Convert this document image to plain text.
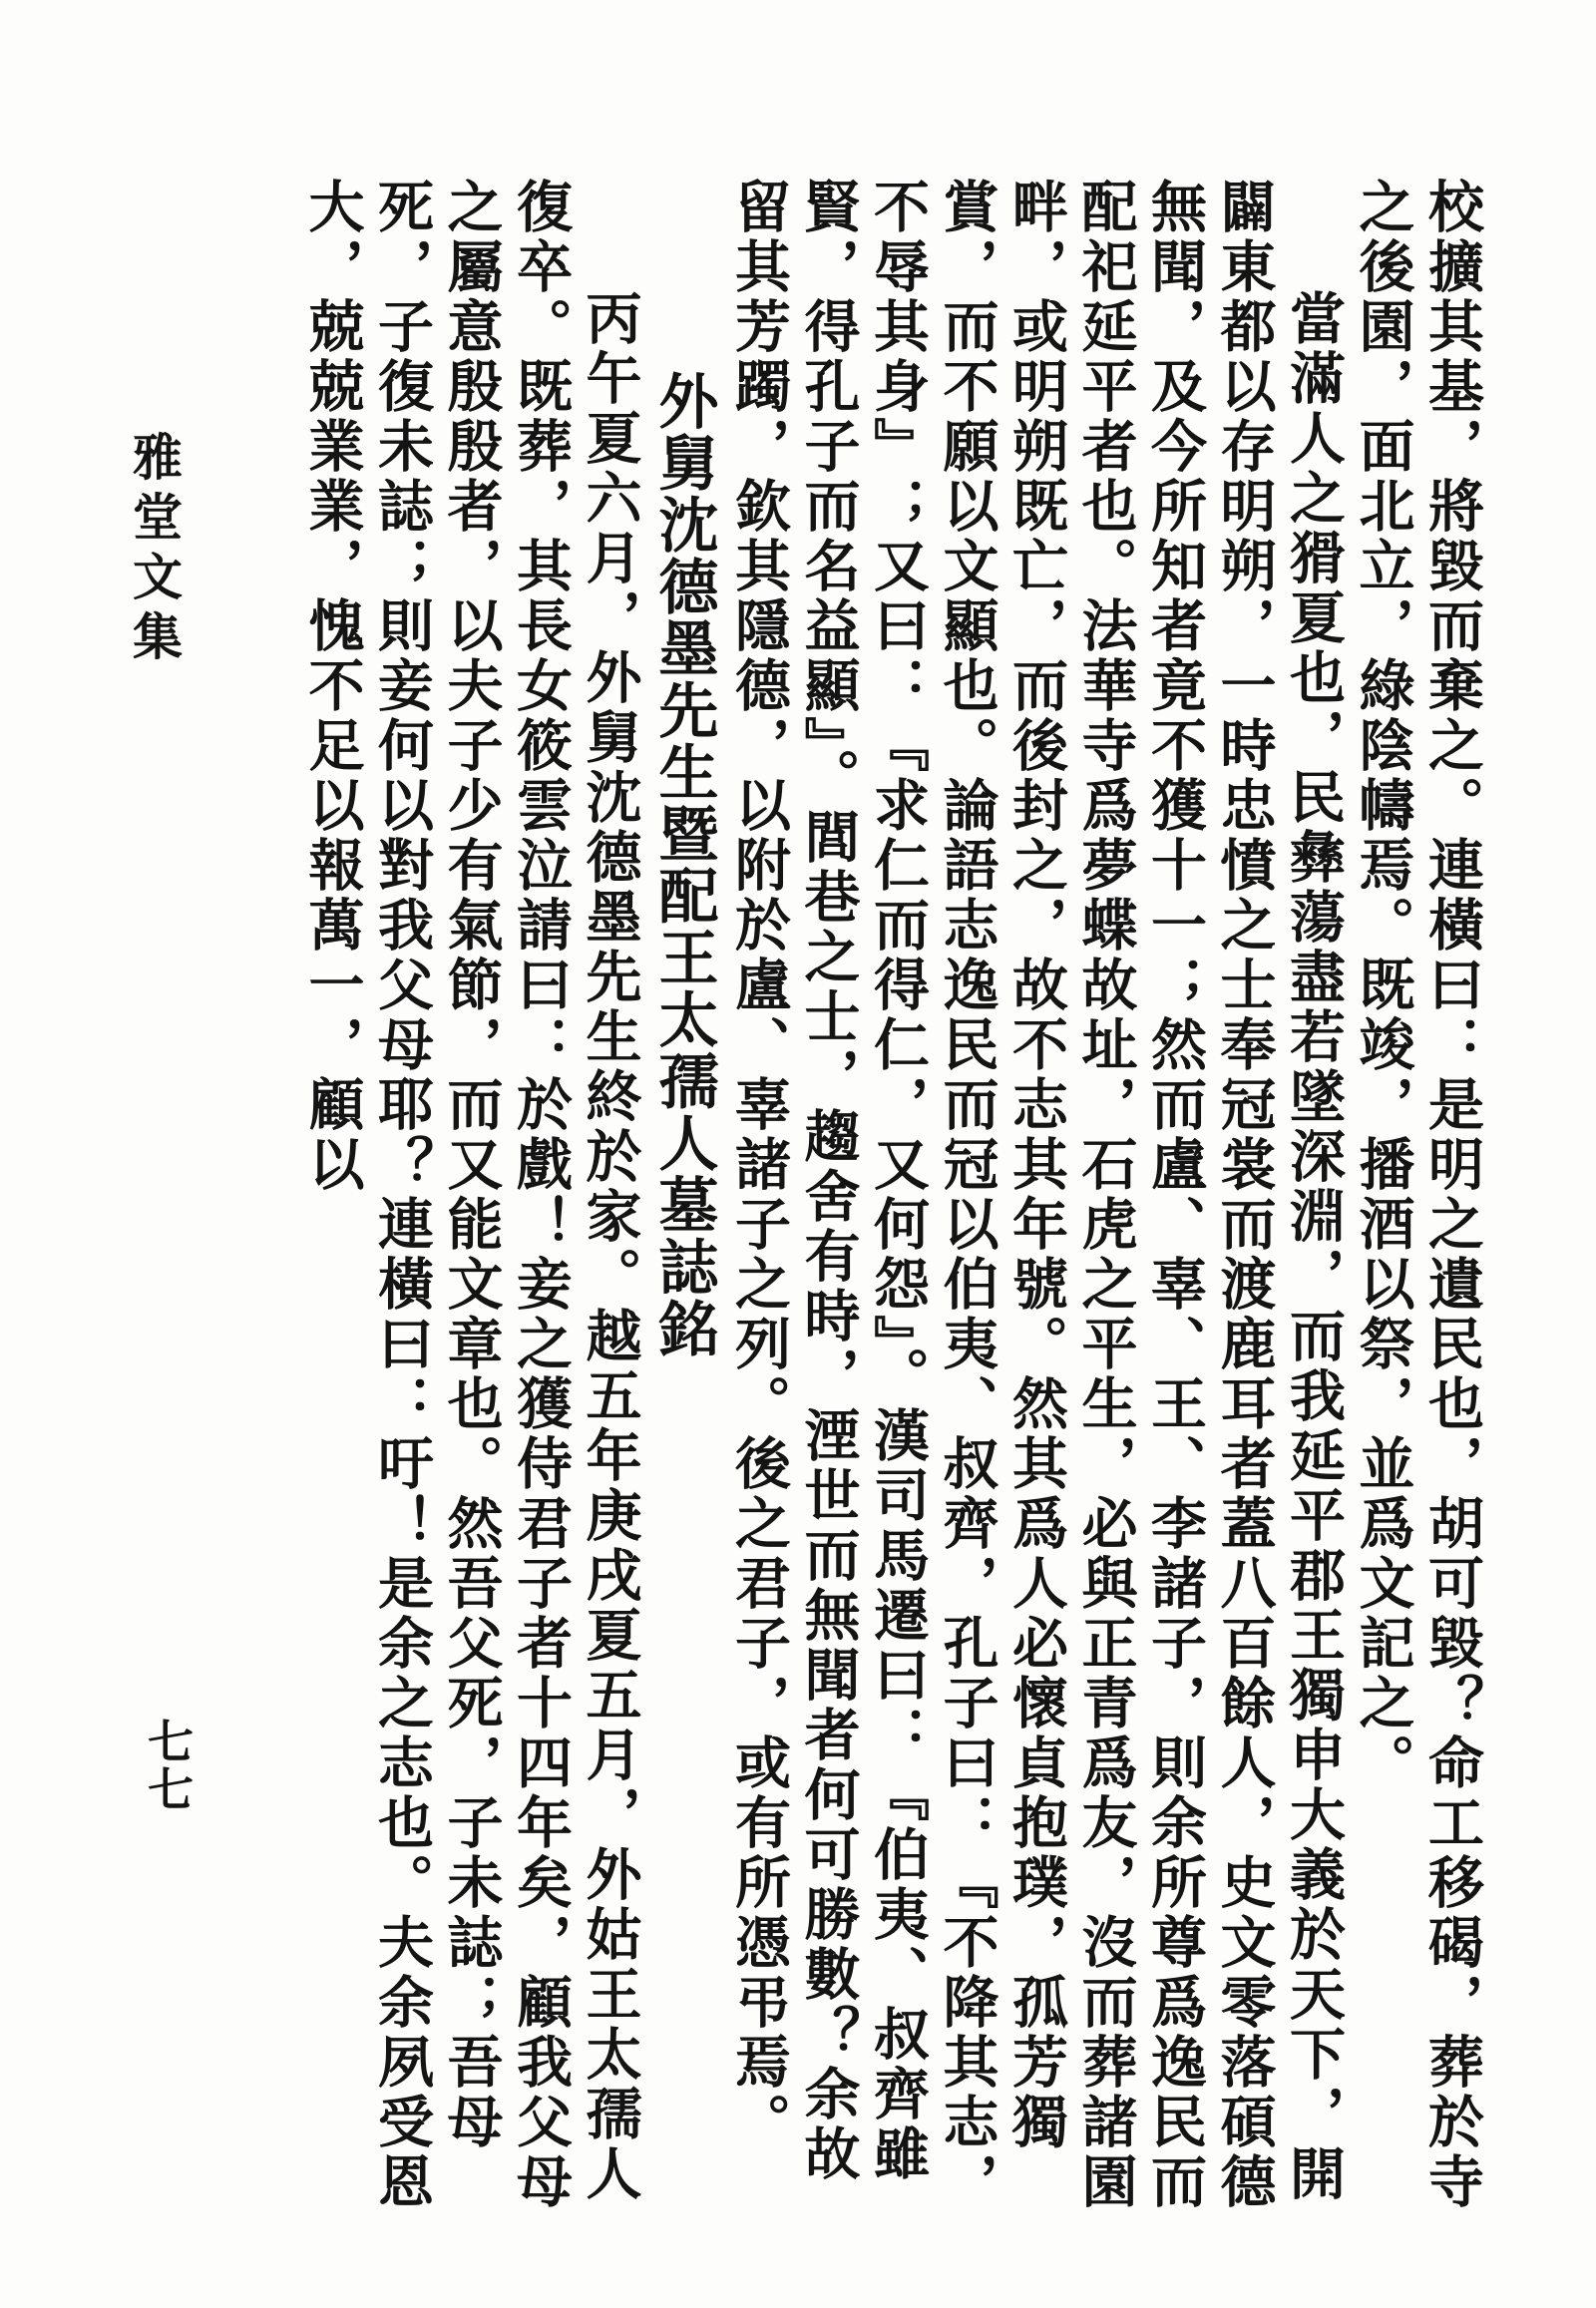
校擴其基，將毀而棄之。連橫曰：是明之遺民也，胡可毀？命工移碣，葬於寺之後園，面北立，綠陰幬焉。既竣，播酒以祭，並爲文記之。

當滿人之猾夏也，民彝蕩盡若墜深淵，而我延平郡王獨申大義於天下，開闢東都以存明朔，一時忠憤之士奉冠裳而渡鹿耳者蓋八百餘人，史文零落碩德無聞，及今所知者竟不獲十一；然而盧、辜、王、李諸子，則余所尊爲逸民而配祀延平者也。法華寺爲夢蝶故址，石虎之平生，必與正青爲友，沒而葬諸園畔，或明朔既亡，而後封之，故不志其年號。然其爲人必懷貞抱璞，孤芳獨賞，而不願以文顯也。論語志逸民而冠以伯夷、叔齊，孔子曰：『不降其志，不辱其身』；又曰：『求仁而得仁，又何怨』。漢司馬遷曰：『伯夷、叔齊雖賢，得孔子而名益顯』。閭巷之士，趨舍有時，湮世而無聞者何可勝數？余故留其芳躅，欽其隱德，以附於盧、辜諸子之列。後之君子，或有所憑弔焉。

外舅沈德墨先生暨配王太孺人墓誌銘

丙午夏六月，外舅沈德墨先生終於家。越五年庚戌夏五月，外姑王太孺人復卒。既葬，其長女筱雲泣請曰：於戲！妾之獲侍君子者十四年矣，顧我父母之屬意殷殷者，以夫子少有氣節，而又能文章也。然吾父死，子未誌；吾母死，子復未誌；則妾何以對我父母耶？連橫曰：吁！是余之志也。夫余夙受恩大，兢兢業業，愧不足以報萬一，顧以

雅堂文集
七七
